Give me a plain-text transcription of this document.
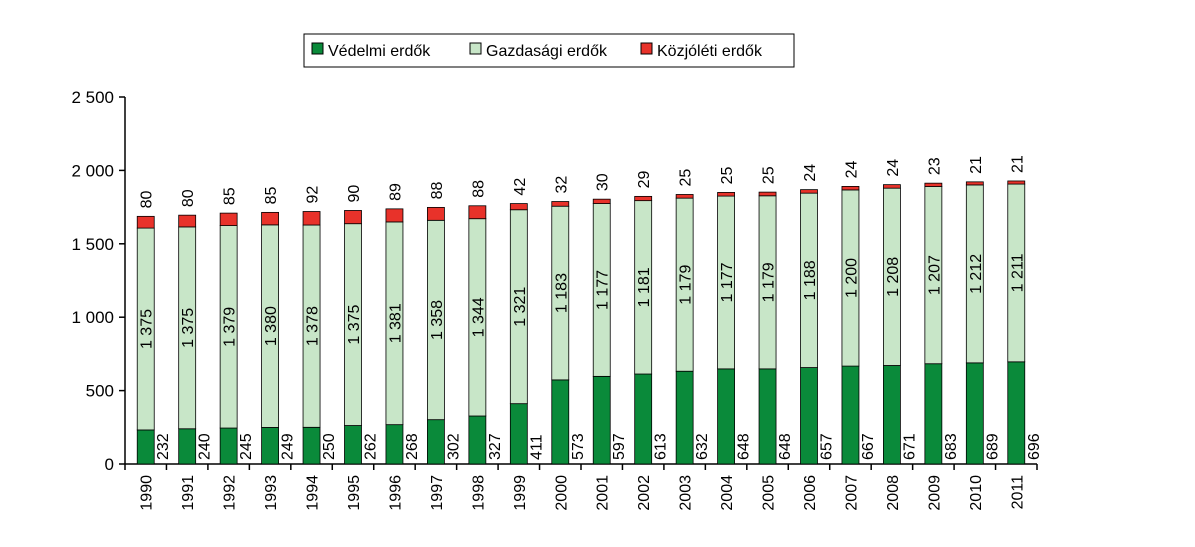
Védelmi erdők	Gazdasági erdők	Közjóléti erdők
0
500
1 000
1 500
2 000
2 500
1990 1991 1992 1993 1994 1995 1996 1997 1998 1999 2000 2001 2002 2003 2004 2005 2006 2007 2008 2009 2010 2011
232
1 375
80
240
1 375
80
245
1 379
85
249
1 380
85
250
1 378
92
262
1 375
90
268
1 381
89
302
1 358
88
327
1 344
88
411
1 321
42
573
1 183
32
597
1 177
30
613
1 181
29
632
1 179
25
648
1 177
25
648
1 179
25
657
1 188
24
667
1 200
24
671
1 208
24
683
1 207
23
689
1 212
21
696
1 211
21
